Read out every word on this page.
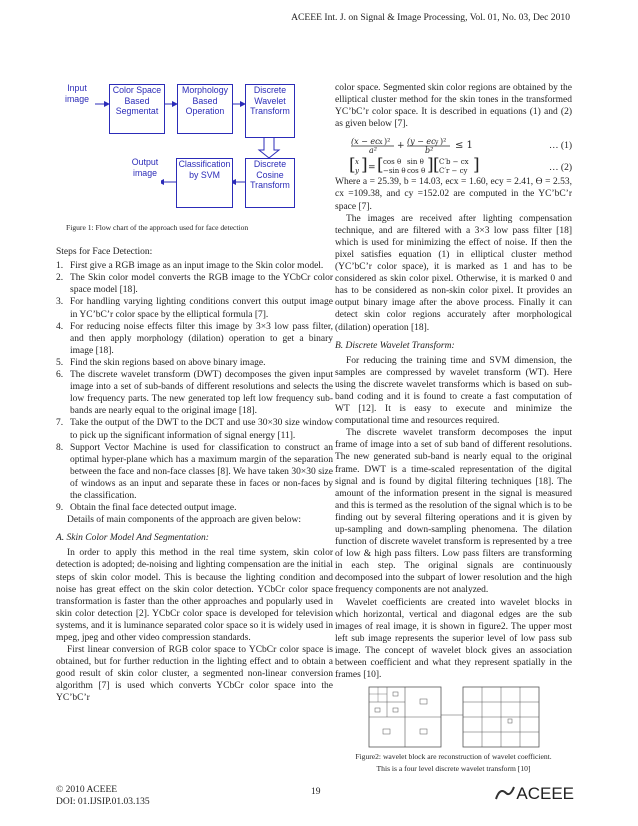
ACEEE Int. J. on Signal & Image Processing, Vol. 01, No. 03, Dec 2010
Input image
Color Space Based Segmentat
Morphology Based Operation
Discrete Wavelet Transform
Output image
Classification by SVM
Discrete Cosine Transform
Figure 1: Flow chart of the approach used for face detection

Steps for Face Detection:

1. First give a RGB image as an input image to the Skin color model.
2. The Skin color model converts the RGB image to the YCbCr color space model [18].
3. For handling varying lighting conditions convert this output image in YC’bC’r color space by the elliptical formula [7].
4. For reducing noise effects filter this image by 3×3 low pass filter, and then apply morphology (dilation) operation to get a binary image [18].
5. Find the skin regions based on above binary image.
6. The discrete wavelet transform (DWT) decomposes the given input image into a set of sub-bands of different resolutions and selects the low frequency parts. The new generated top left low frequency sub-bands are nearly equal to the original image [18].
7. Take the output of the DWT to the DCT and use 30×30 size window to pick up the significant information of signal energy [11].
8. Support Vector Machine is used for classification to construct an optimal hyper-plane which has a maximum margin of the separation between the face and non-face classes [8]. We have taken 30×30 size of windows as an input and separate these in faces or non-faces by the classification.
9. Obtain the final face detected output image.

Details of main components of the approach are given below:

A. Skin Color Model And Segmentation:

In order to apply this method in the real time system, skin color detection is adopted; de-noising and lighting compensation are the initial steps of skin color model. This is because the lighting condition and noise has great effect on the skin color detection. YCbCr color space transformation is faster than the other approaches and popularly used in skin color detection [2]. YCbCr color space is developed for television systems, and it is luminance separated color space so it is widely used in mpeg, jpeg and other video compression standards.

First linear conversion of RGB color space to YCbCr color space is obtained, but for further reduction in the lighting effect and to obtain a good result of skin color cluster, a segmented non-linear conversion algorithm [7] is used which converts YCbCr color space into the YC’bC’r

color space. Segmented skin color regions are obtained by the elliptical cluster method for the skin tones in the transformed YC’bC’r color space. It is described in equations (1) and (2) as given below [7].

(x − ec x )²
a² + (y − ec y )²
b² ≤ 1	… (1)
[ x
y ] = [ cos θ
−sin θ
sin θ
cos θ ] [ C′b − cx
C′r − cy ]	… (2)

Where a = 25.39, b = 14.03, ecx = 1.60, ecy = 2.41, ϴ = 2.53, cx =109.38, and cy =152.02 are computed in the YC’bC’r space [7].

The images are received after lighting compensation technique, and are filtered with a 3×3 low pass filter [18] which is used for minimizing the effect of noise. If then the pixel satisfies equation (1) in elliptical cluster method (YC’bC’r color space), it is marked as 1 and has to be considered as skin color pixel. Otherwise, it is marked 0 and has to be considered as non-skin color pixel. It provides an output binary image after the above process. Finally it can detect skin color regions accurately after morphological (dilation) operation [18].

B. Discrete Wavelet Transform:

For reducing the training time and SVM dimension, the samples are compressed by wavelet transform (WT). Here using the discrete wavelet transforms which is based on sub-band coding and it is found to create a fast computation of WT [12]. It is easy to execute and minimize the computational time and resources required.

The discrete wavelet transform decomposes the input frame of image into a set of sub band of different resolutions. The new generated sub-band is nearly equal to the original frame. DWT is a time-scaled representation of the digital signal and is found by digital filtering techniques [18]. The amount of the information present in the signal is measured and this is termed as the resolution of the signal which is to be finding out by several filtering operations and it is given by up-sampling and down-sampling phenomena. The dilation function of discrete wavelet transform is represented by a tree of low & high pass filters. Low pass filters are transforming in each step. The original signals are continuously decomposed into the subpart of lower resolution and the high frequency components are not analyzed.

Wavelet coefficients are created into wavelet blocks in which horizontal, vertical and diagonal edges are the sub images of real image, it is shown in figure2. The upper most left sub image represents the superior level of low pass sub image. The concept of wavelet block gives an association between coefficient and what they represent spatially in the frames [10].

Figure2: wavelet block are reconstruction of wavelet coefficient.

This is a four level discrete wavelet transform [10]

© 2010 ACEEE
DOI: 01.IJSIP.01.03.135
19	ACEEE
